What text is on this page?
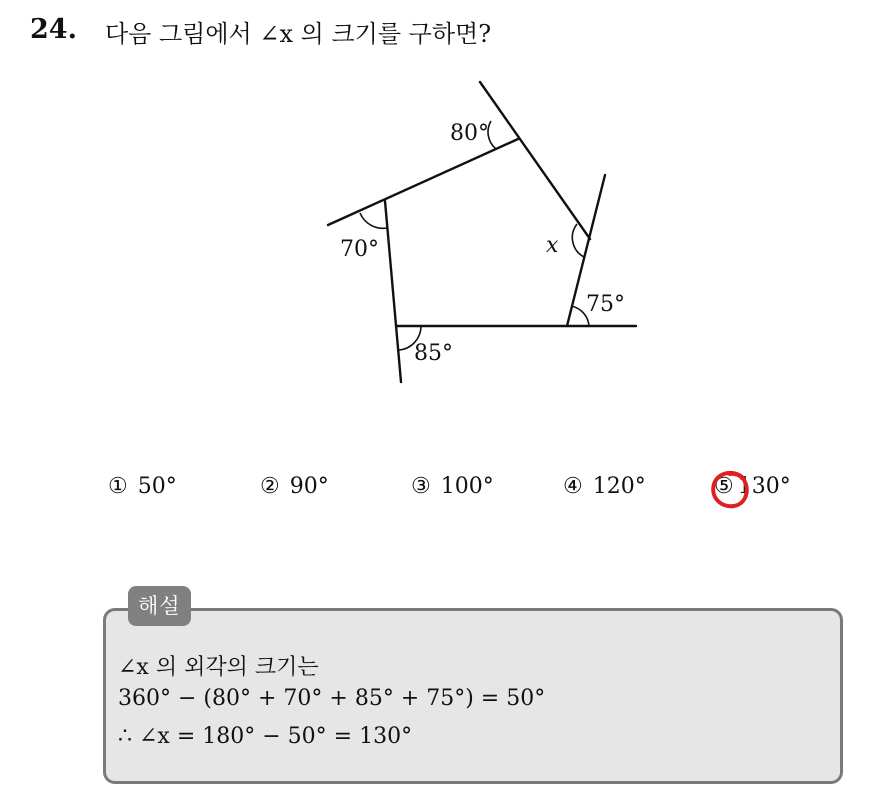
24. 다음 그림에서 ∠x 의 크기를 구하면?
80°
70°	x
75°
85°
① 50°	② 90°	③ 100°	④ 120°	⑤ 130°
해설
∠x 의 외각의 크기는
360° − (80° + 70° + 85° + 75°) = 50°
∴ ∠x = 180° − 50° = 130°
